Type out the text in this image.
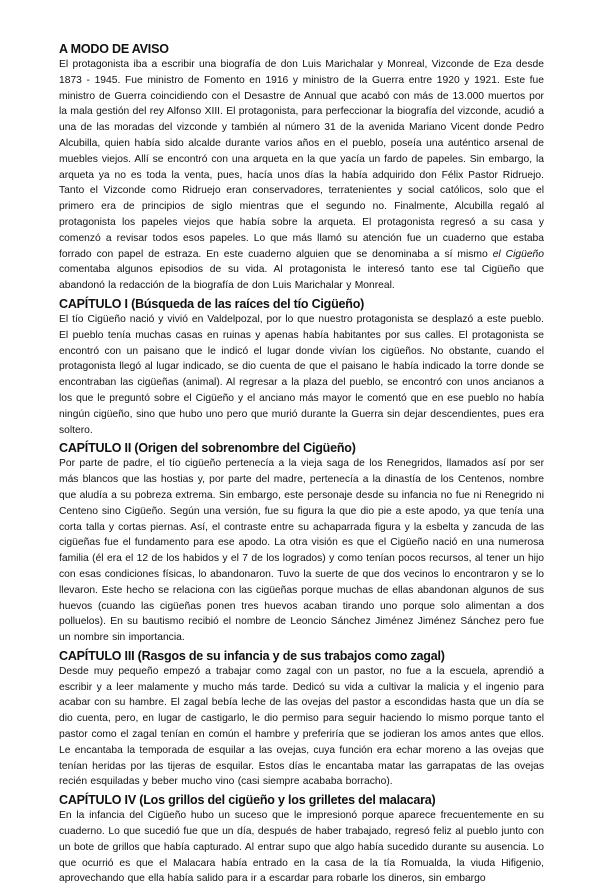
A MODO DE AVISO

El protagonista iba a escribir una biografía de don Luis Marichalar y Monreal, Vizconde de Eza desde 1873 - 1945. Fue ministro de Fomento en 1916 y ministro de la Guerra entre 1920 y 1921. Este fue ministro de Guerra coincidiendo con el Desastre de Annual que acabó con más de 13.000 muertos por la mala gestión del rey Alfonso XIII. El protagonista, para perfeccionar la biografía del vizconde, acudió a una de las moradas del vizconde y también al número 31 de la avenida Mariano Vicent donde Pedro Alcubilla, quien había sido alcalde durante varios años en el pueblo, poseía una auténtico arsenal de muebles viejos. Allí se encontró con una arqueta en la que yacía un fardo de papeles. Sin embargo, la arqueta ya no es toda la venta, pues, hacía unos días la había adquirido don Félix Pastor Ridruejo. Tanto el Vizconde como Ridruejo eran conservadores, terratenientes y social católicos, solo que el primero era de principios de siglo mientras que el segundo no. Finalmente, Alcubilla regaló al protagonista los papeles viejos que había sobre la arqueta. El protagonista regresó a su casa y comenzó a revisar todos esos papeles. Lo que más llamó su atención fue un cuaderno que estaba forrado con papel de estraza. En este cuaderno alguien que se denominaba a sí mismo el Cigüeño comentaba algunos episodios de su vida. Al protagonista le interesó tanto ese tal Cigüeño que abandonó la redacción de la biografía de don Luis Marichalar y Monreal.

CAPÍTULO I (Búsqueda de las raíces del tío Cigüeño)

El tío Cigüeño nació y vivió en Valdelpozal, por lo que nuestro protagonista se desplazó a este pueblo. El pueblo tenía muchas casas en ruinas y apenas había habitantes por sus calles. El protagonista se encontró con un paisano que le indicó el lugar donde vivían los cigüeños. No obstante, cuando el protagonista llegó al lugar indicado, se dio cuenta de que el paisano le había indicado la torre donde se encontraban las cigüeñas (animal). Al regresar a la plaza del pueblo, se encontró con unos ancianos a los que le preguntó sobre el Cigüeño y el anciano más mayor le comentó que en ese pueblo no había ningún cigüeño, sino que hubo uno pero que murió durante la Guerra sin dejar descendientes, pues era soltero.

CAPÍTULO II (Origen del sobrenombre del Cigüeño)

Por parte de padre, el tío cigüeño pertenecía a la vieja saga de los Renegridos, llamados así por ser más blancos que las hostias y, por parte del madre, pertenecía a la dinastía de los Centenos, nombre que aludía a su pobreza extrema. Sin embargo, este personaje desde su infancia no fue ni Renegrido ni Centeno sino Cigüeño. Según una versión, fue su figura la que dio pie a este apodo, ya que tenía una corta talla y cortas piernas. Así, el contraste entre su achaparrada figura y la esbelta y zancuda de las cigüeñas fue el fundamento para ese apodo. La otra visión es que el Cigüeño nació en una numerosa familia (él era el 12 de los habidos y el 7 de los logrados) y como tenían pocos recursos, al tener un hijo con esas condiciones físicas, lo abandonaron. Tuvo la suerte de que dos vecinos lo encontraron y se lo llevaron. Este hecho se relaciona con las cigüeñas porque muchas de ellas abandonan algunos de sus huevos (cuando las cigüeñas ponen tres huevos acaban tirando uno porque solo alimentan a dos polluelos). En su bautismo recibió el nombre de Leoncio Sánchez Jiménez Jiménez Sánchez pero fue un nombre sin importancia.

CAPÍTULO III (Rasgos de su infancia y de sus trabajos como zagal)

Desde muy pequeño empezó a trabajar como zagal con un pastor, no fue a la escuela, aprendió a escribir y a leer malamente y mucho más tarde. Dedicó su vida a cultivar la malicia y el ingenio para acabar con su hambre. El zagal bebía leche de las ovejas del pastor a escondidas hasta que un día se dio cuenta, pero, en lugar de castigarlo, le dio permiso para seguir haciendo lo mismo porque tanto el pastor como el zagal tenían en común el hambre y preferiría que se jodieran los amos antes que ellos. Le encantaba la temporada de esquilar a las ovejas, cuya función era echar moreno a las ovejas que tenían heridas por las tijeras de esquilar. Estos días le encantaba matar las garrapatas de las ovejas recién esquiladas y beber mucho vino (casi siempre acababa borracho).

CAPÍTULO IV (Los grillos del cigüeño y los grilletes del malacara)

En la infancia del Cigüeño hubo un suceso que le impresionó porque aparece frecuentemente en su cuaderno. Lo que sucedió fue que un día, después de haber trabajado, regresó feliz al pueblo junto con un bote de grillos que había capturado. Al entrar supo que algo había sucedido durante su ausencia. Lo que ocurrió es que el Malacara había entrado en la casa de la tía Romualda, la viuda Hifigenio, aprovechando que ella había salido para ir a escardar para robarle los dineros, sin embargo
